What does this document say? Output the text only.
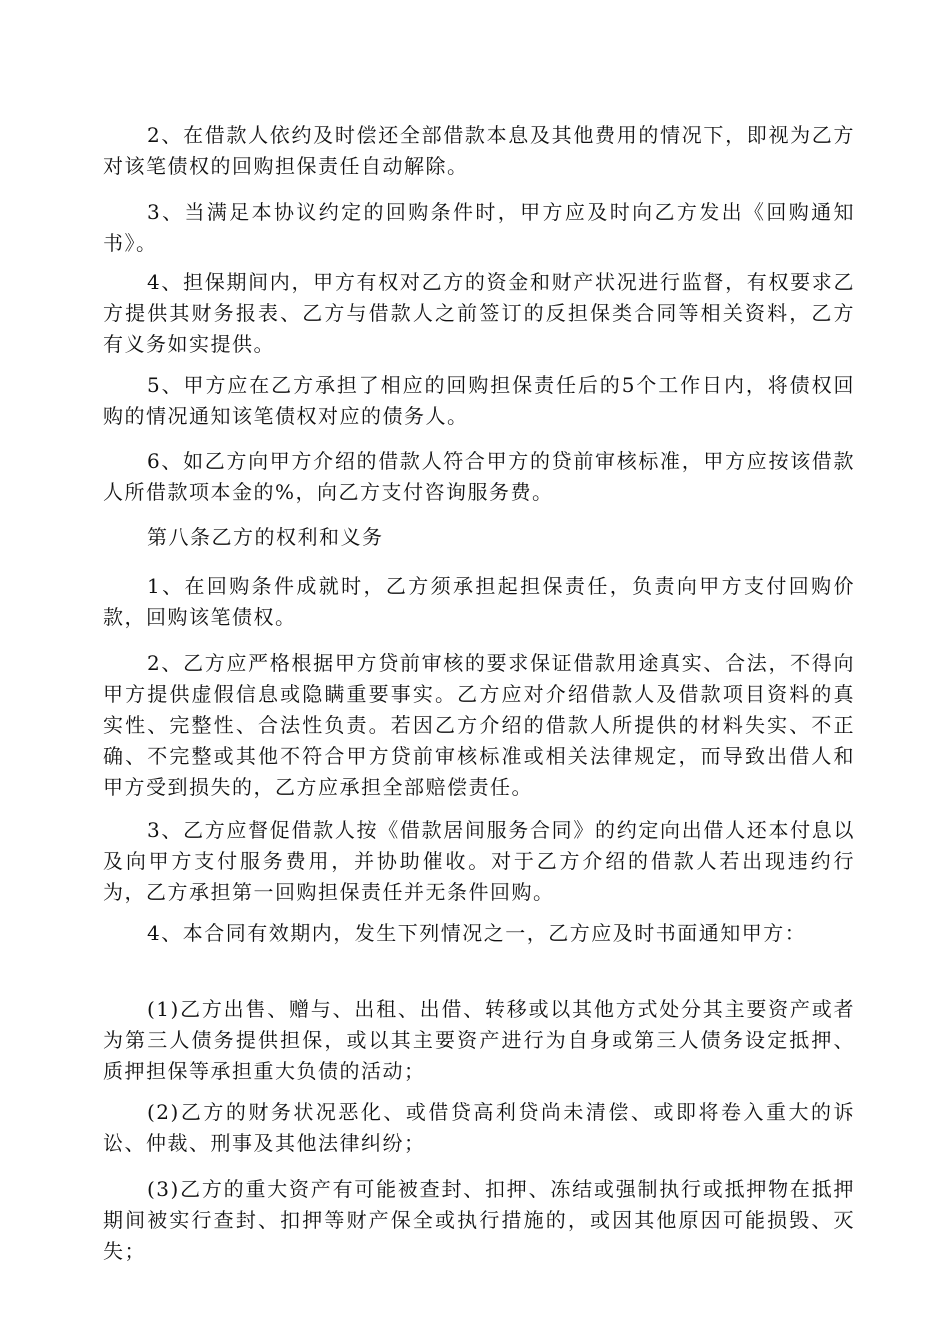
2、在借款人依约及时偿还全部借款本息及其他费用的情况下，即视为乙方对该笔债权的回购担保责任自动解除。

3、当满足本协议约定的回购条件时，甲方应及时向乙方发出《回购通知书》。

4、担保期间内，甲方有权对乙方的资金和财产状况进行监督，有权要求乙方提供其财务报表、乙方与借款人之前签订的反担保类合同等相关资料，乙方有义务如实提供。

5、甲方应在乙方承担了相应的回购担保责任后的5个工作日内，将债权回购的情况通知该笔债权对应的债务人。

6、如乙方向甲方介绍的借款人符合甲方的贷前审核标准，甲方应按该借款人所借款项本金的%，向乙方支付咨询服务费。

第八条乙方的权利和义务

1、在回购条件成就时，乙方须承担起担保责任，负责向甲方支付回购价款，回购该笔债权。

2、乙方应严格根据甲方贷前审核的要求保证借款用途真实、合法，不得向甲方提供虚假信息或隐瞒重要事实。乙方应对介绍借款人及借款项目资料的真实性、完整性、合法性负责。若因乙方介绍的借款人所提供的材料失实、不正确、不完整或其他不符合甲方贷前审核标准或相关法律规定，而导致出借人和甲方受到损失的，乙方应承担全部赔偿责任。

3、乙方应督促借款人按《借款居间服务合同》的约定向出借人还本付息以及向甲方支付服务费用，并协助催收。对于乙方介绍的借款人若出现违约行为，乙方承担第一回购担保责任并无条件回购。

4、本合同有效期内，发生下列情况之一，乙方应及时书面通知甲方：

(1)乙方出售、赠与、出租、出借、转移或以其他方式处分其主要资产或者为第三人债务提供担保，或以其主要资产进行为自身或第三人债务设定抵押、质押担保等承担重大负债的活动；

(2)乙方的财务状况恶化、或借贷高利贷尚未清偿、或即将卷入重大的诉讼、仲裁、刑事及其他法律纠纷；

(3)乙方的重大资产有可能被查封、扣押、冻结或强制执行或抵押物在抵押期间被实行查封、扣押等财产保全或执行措施的，或因其他原因可能损毁、灭失；
